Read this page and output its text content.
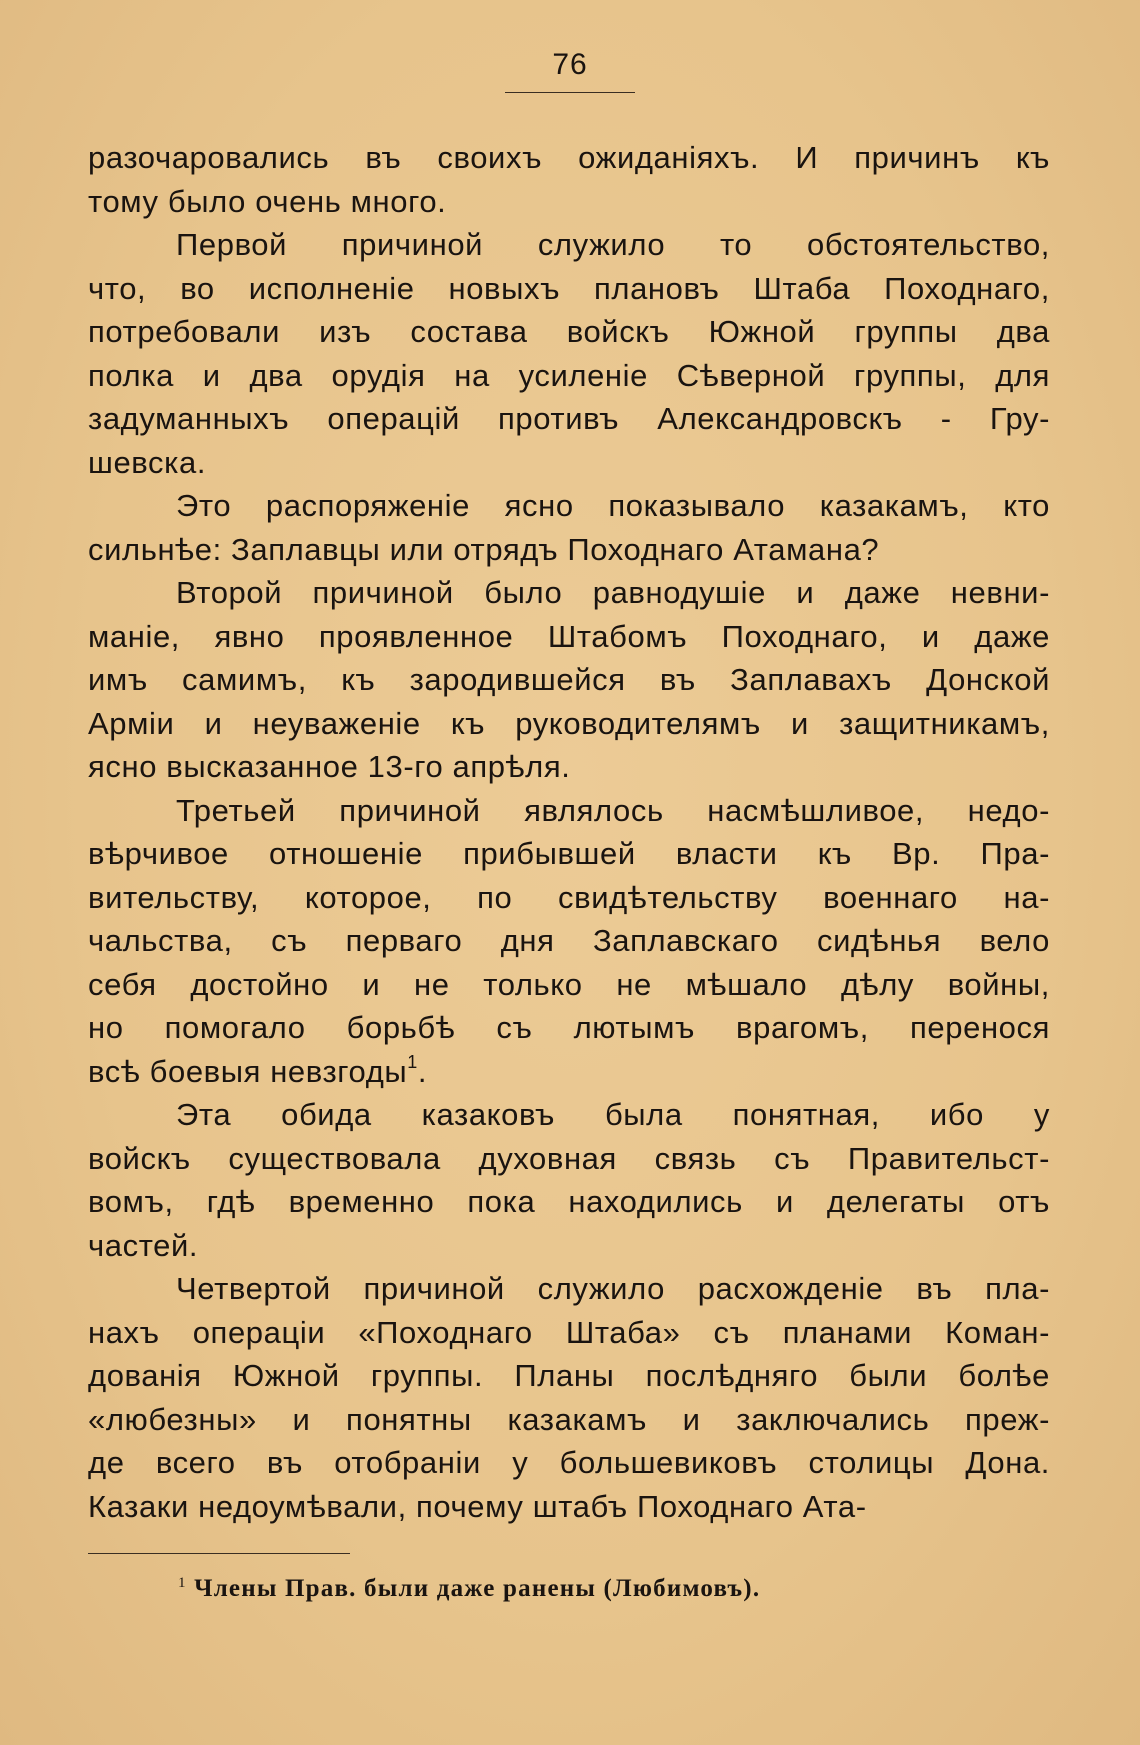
76
разочаровались въ своихъ ожиданіяхъ. И причинъ къ
тому было очень много.
Первой причиной служило то обстоятельство,
что, во исполненіе новыхъ плановъ Штаба Походнаго,
потребовали изъ состава войскъ Южной группы два
полка и два орудія на усиленіе Сѣверной группы, для
задуманныхъ операцій противъ Александровскъ - Гру-
шевска.
Это распоряженіе ясно показывало казакамъ, кто
сильнѣе: Заплавцы или отрядъ Походнаго Атамана?
Второй причиной было равнодушіе и даже невни-
маніе, явно проявленное Штабомъ Походнаго, и даже
имъ самимъ, къ зародившейся въ Заплавахъ Донской
Арміи и неуваженіе къ руководителямъ и защитникамъ,
ясно высказанное 13-го апрѣля.
Третьей причиной являлось насмѣшливое, недо-
вѣрчивое отношеніе прибывшей власти къ Вр. Пра-
вительству, которое, по свидѣтельству военнаго на-
чальства, съ перваго дня Заплавскаго сидѣнья вело
себя достойно и не только не мѣшало дѣлу войны,
но помогало борьбѣ съ лютымъ врагомъ, перенося
всѣ боевыя невзгоды$^1$.
Эта обида казаковъ была понятная, ибо у
войскъ существовала духовная связь съ Правительст-
вомъ, гдѣ временно пока находились и делегаты отъ
частей.
Четвертой причиной служило расхожденіе въ пла-
нахъ операціи «Походнаго Штаба» съ планами Коман-
дованія Южной группы. Планы послѣдняго были болѣе
«любезны» и понятны казакамъ и заключались преж-
де всего въ отобраніи у большевиковъ столицы Дона.
Казаки недоумѣвали, почему штабъ Походнаго Ата-
$^1$ Члены Прав. были даже ранены (Любимовъ).
